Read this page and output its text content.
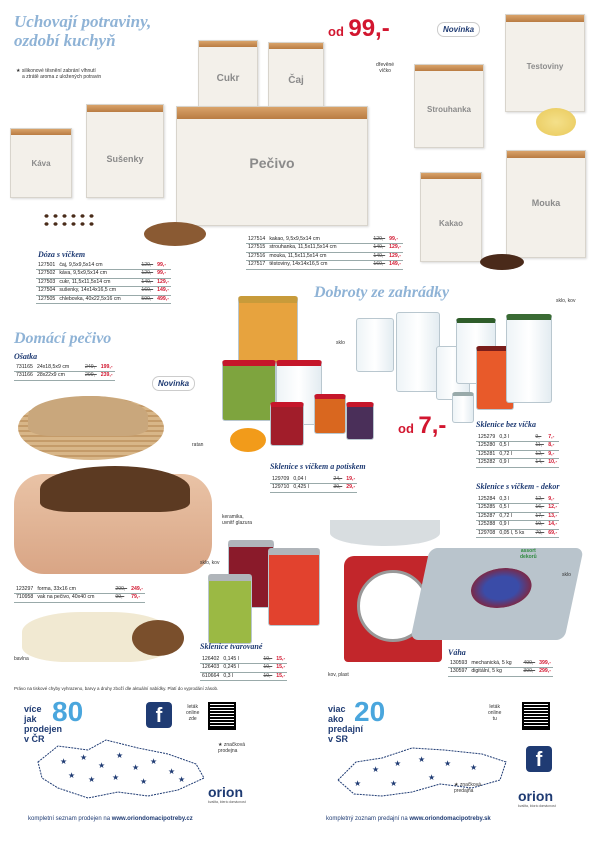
Uchovají potraviny,
ozdobí kuchyň
★ silikonové těsnění zabrání vlhnutí
a ztrátě aroma z uložených potravin
od 99,-	Novinka
dřevěné
víčko
Káva	Sušenky
Cukr	Čaj
Pečivo
Strouhanka
Testoviny
Kakao
Mouka
Dóza s víčkem
127501	čaj, 9,5x9,5x14 cm	129,-	99,-
127502	káva, 9,5x9,5x14 cm	129,-	99,-
127503	cukr, 11,5x11,5x14 cm	149,-	129,-
127504	sušenky, 14x14x16,5 cm	169,-	149,-
127505	chlebovka, 40x22,5x16 cm	599,-	499,-
127514	kakao, 9,5x9,5x14 cm	129,-	99,-
127515	strouhanka, 11,5x11,5x14 cm	149,-	129,-
127516	mouka, 11,5x11,5x14 cm	149,-	129,-
127517	těstoviny, 14x14x16,5 cm	169,-	149,-
Dobroty ze zahrádky	sklo, kov
sklo
od 7,-
Domácí pečivo
Ošatka
731165	24x18,5x9 cm	249,-	199,-
731166	28x22x9 cm	299,-	239,-
Novinka
ratan
keramika,
uvnitř glazura
123297	forma, 33x16 cm	299,-	249,-
710958	vak na pečivo, 40x40 cm	99,-	79,-
bavlna
Sklenice s víčkem a potiskem
129709	0,04 l	24,-	19,-
129710	0,425 l	39,-	29,-
Sklenice bez víčka
125279	0,3 l	9,-	7,-
125280	0,5 l	11,-	8,-
125281	0,72 l	12,-	9,-
125282	0,9 l	14,-	10,-
Sklenice s víčkem - dekor
125284	0,3 l	12,-	9,-
125285	0,5 l	16,-	12,-
125287	0,72 l	17,-	13,-
125288	0,9 l	19,-	14,-
129708	0,05 l, 5 ks	79,-	69,-
sklo, kov
Sklenice tvarované
126402	0,145 l	19,-	15,-
126403	0,245 l	19,-	15,-
610664	0,3 l	19,-	15,-	kov, plast
assort
dekorů
sklo
Váha
130593	mechanická, 5 kg	499,-	399,-
130597	digitální, 5 kg	399,-	299,-
Právo na tiskové chyby vyhrazeno, barvy a druhy zboží dle aktuální nabídky. Platí do vyprodání zásob.
více
jak
prodejen
v ČR
80	f	leták
online
zde
★ ★
★
★
★
★
★
★ ★	★
★	★
★ značková
prodejna
orion
kvalita, která domácnost
kompletní seznam prodejen na www.oriondomacipotreby.cz
viac
ako
predajní
v SR
20	leták
online
tu
f
★
★
★ ★ ★ ★
★
★
★ značková
predajňa	orion
kvalita, ktorá domácnost
kompletný zoznam predajní na www.oriondomacipotreby.sk
